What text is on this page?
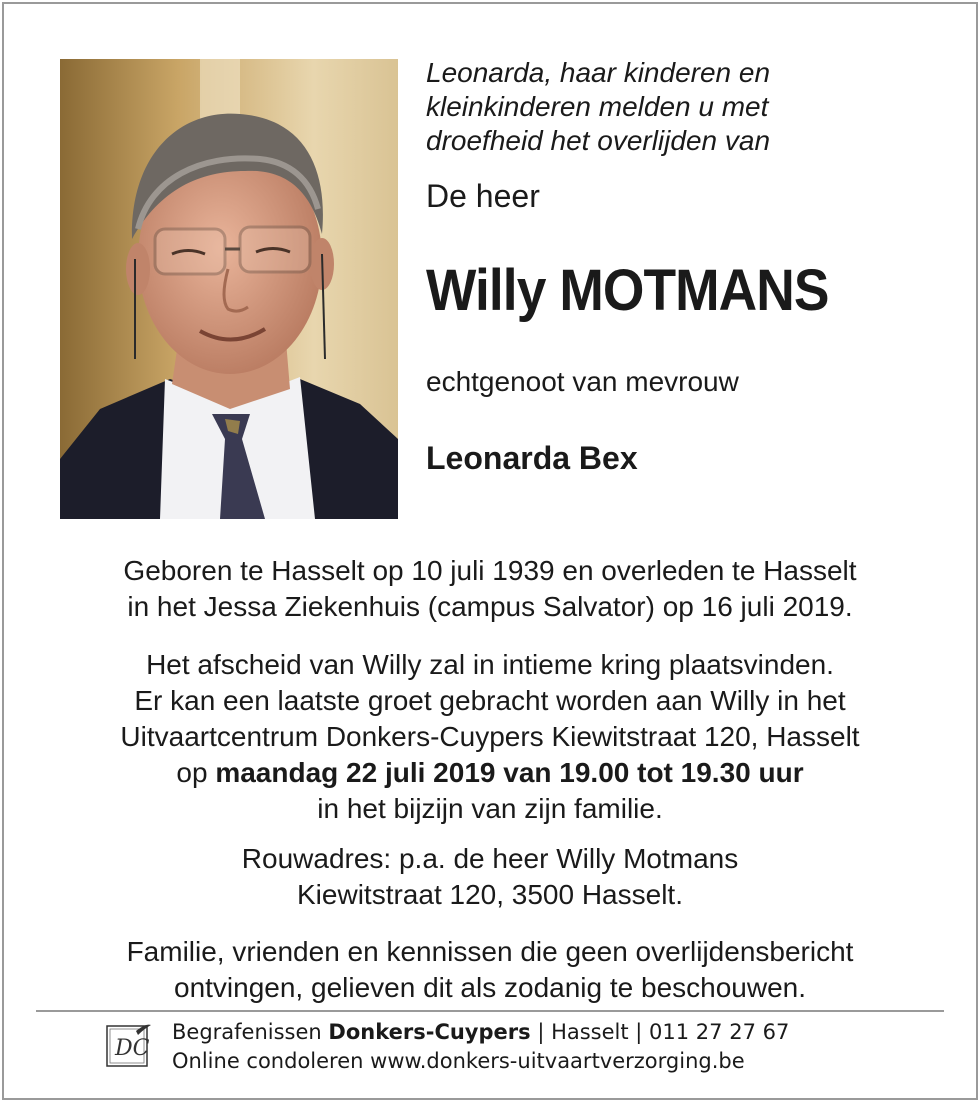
Leonarda, haar kinderen en
kleinkinderen melden u met
droefheid het overlijden van
De heer
Willy MOTMANS
echtgenoot van mevrouw
Leonarda Bex
Geboren te Hasselt op 10 juli 1939 en overleden te Hasselt
in het Jessa Ziekenhuis (campus Salvator) op 16 juli 2019.
Het afscheid van Willy zal in intieme kring plaatsvinden.
Er kan een laatste groet gebracht worden aan Willy in het
Uitvaartcentrum Donkers-Cuypers Kiewitstraat 120, Hasselt
op maandag 22 juli 2019 van 19.00 tot 19.30 uur
in het bijzijn van zijn familie.
Rouwadres: p.a. de heer Willy Motmans
Kiewitstraat 120, 3500 Hasselt.
Familie, vrienden en kennissen die geen overlijdensbericht
ontvingen, gelieven dit als zodanig te beschouwen.
DC
Begrafenissen Donkers-Cuypers | Hasselt | 011 27 27 67
Online condoleren www.donkers-uitvaartverzorging.be
